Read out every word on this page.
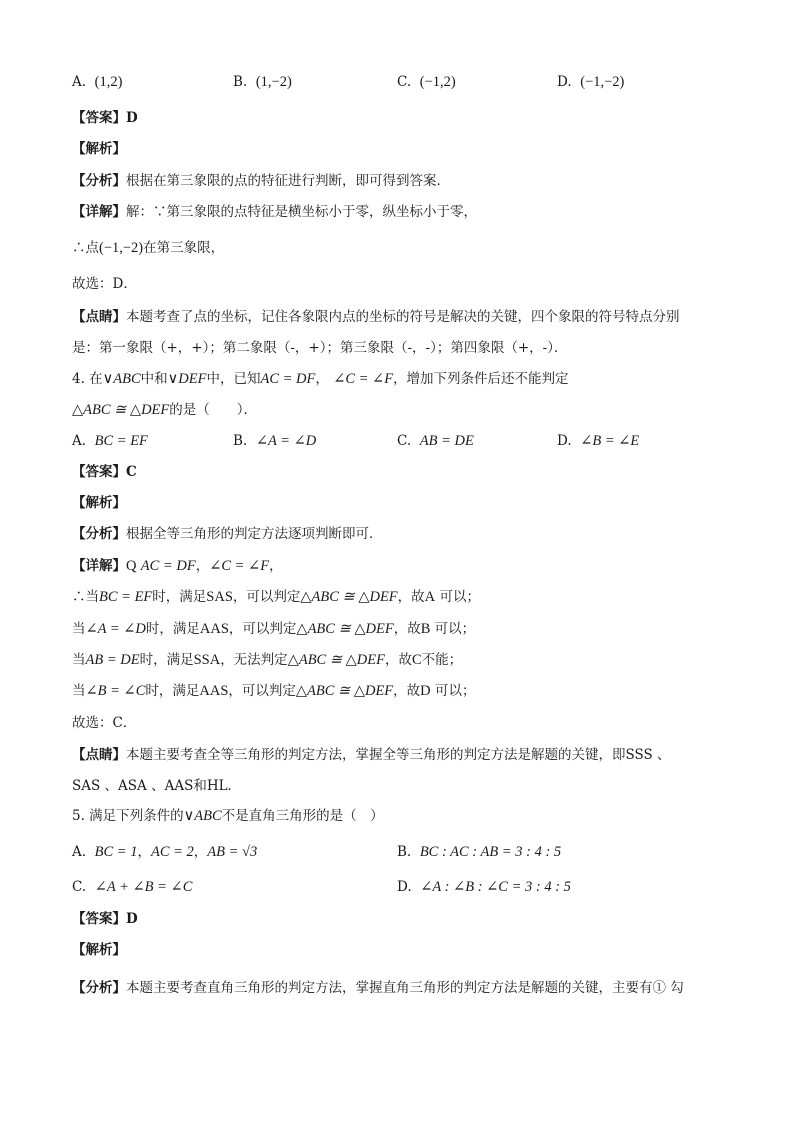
A. (1,2)	B. (1,−2)	C. (−1,2)	D. (−1,−2)
【答案】D
【解析】
【分析】根据在第三象限的点的特征进行判断，即可得到答案．
【详解】解：∵第三象限的点特征是横坐标小于零，纵坐标小于零，
∴点(−1,−2)在第三象限，
故选：D．
【点睛】本题考查了点的坐标，记住各象限内点的坐标的符号是解决的关键，四个象限的符号特点分别
是：第一象限（+，+）；第二象限（-，+）；第三象限（-，-）；第四象限（+，-）．
4. 在∨ABC中和∨DEF中，已知AC = DF， ∠C = ∠F，增加下列条件后还不能判定
△ABC ≅ △DEF的是（　　）．
A. BC = EF	B. ∠A = ∠D	C. AB = DE	D. ∠B = ∠E
【答案】C
【解析】
【分析】根据全等三角形的判定方法逐项判断即可．
【详解】Q AC = DF，∠C = ∠F，
∴当BC = EF时，满足SAS，可以判定△ABC ≅ △DEF，故A 可以；
当∠A = ∠D时，满足AAS，可以判定△ABC ≅ △DEF，故B 可以；
当AB = DE时，满足SSA，无法判定△ABC ≅ △DEF，故C不能；
当∠B = ∠C时，满足AAS，可以判定△ABC ≅ △DEF，故D 可以；
故选：C．
【点睛】本题主要考查全等三角形的判定方法，掌握全等三角形的判定方法是解题的关键，即SSS 、
SAS 、ASA 、AAS和HL．
5. 满足下列条件的∨ABC不是直角三角形的是（　）
A. BC = 1，AC = 2，AB = √3	B. BC : AC : AB = 3 : 4 : 5
C. ∠A + ∠B = ∠C	D. ∠A : ∠B : ∠C = 3 : 4 : 5
【答案】D
【解析】
【分析】本题主要考查直角三角形的判定方法，掌握直角三角形的判定方法是解题的关键，主要有① 勾
